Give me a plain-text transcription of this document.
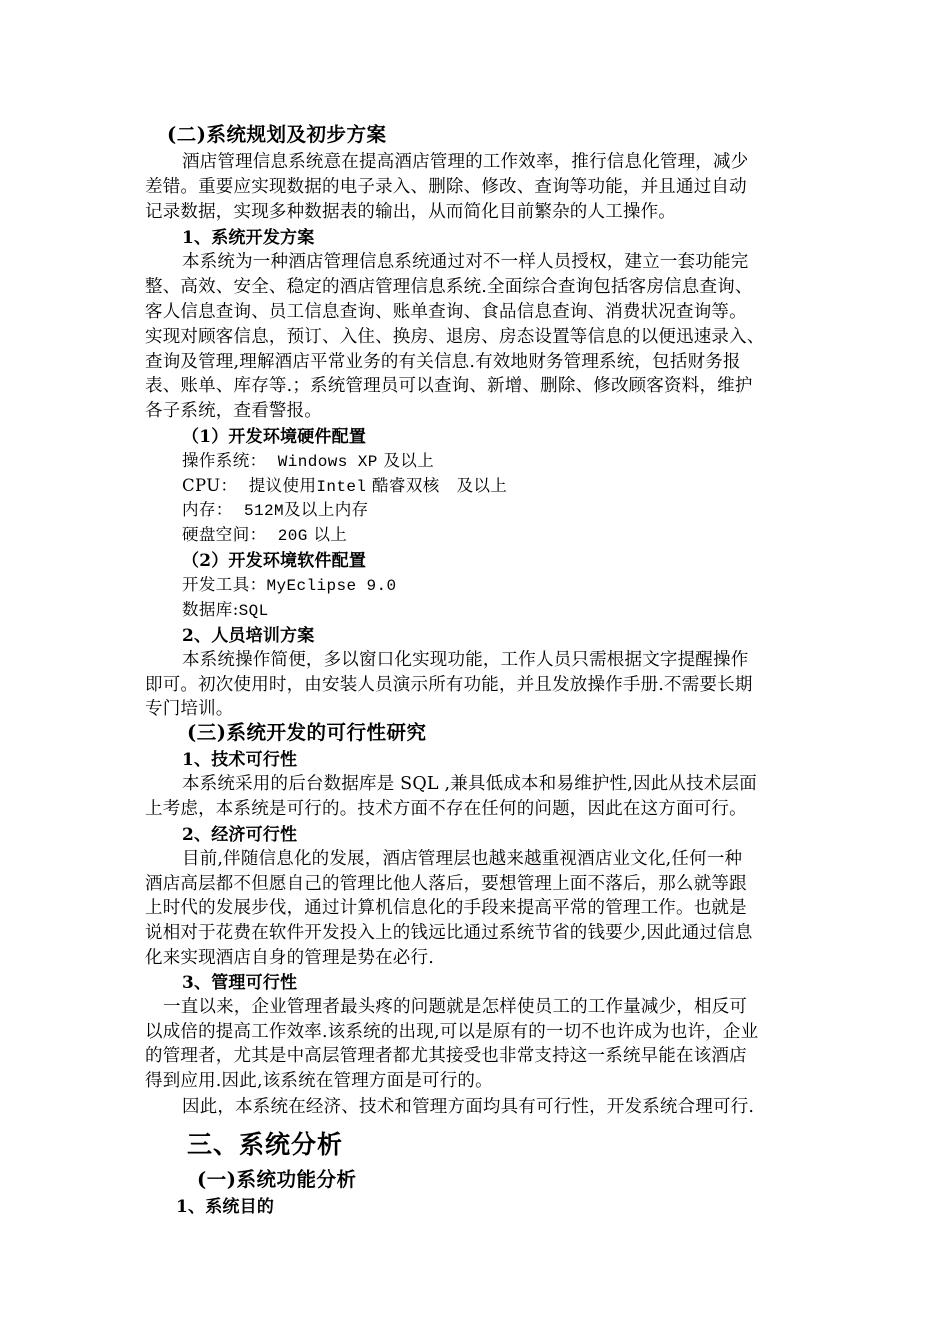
(二)系统规划及初步方案
酒店管理信息系统意在提高酒店管理的工作效率，推行信息化管理，减少
差错。重要应实现数据的电子录入、删除、修改、查询等功能，并且通过自动
记录数据，实现多种数据表的输出，从而简化目前繁杂的人工操作。
1、系统开发方案
本系统为一种酒店管理信息系统通过对不一样人员授权，建立一套功能完
整、高效、安全、稳定的酒店管理信息系统.全面综合查询包括客房信息查询、
客人信息查询、员工信息查询、账单查询、食品信息查询、消费状况查询等。
实现对顾客信息，预订、入住、换房、退房、房态设置等信息的以便迅速录入、
查询及管理,理解酒店平常业务的有关信息.有效地财务管理系统，包括财务报
表、账单、库存等.；系统管理员可以查询、新增、删除、修改顾客资料，维护
各子系统，查看警报。
（1）开发环境硬件配置
操作系统： Windows XP 及以上
CPU： 提议使用Intel 酷睿双核 及以上
内存： 512M及以上内存
硬盘空间： 20G 以上
（2）开发环境软件配置
开发工具：MyEclipse 9.0
数据库:SQL
2、人员培训方案
本系统操作简便，多以窗口化实现功能，工作人员只需根据文字提醒操作
即可。初次使用时，由安装人员演示所有功能，并且发放操作手册.不需要长期
专门培训。
(三)系统开发的可行性研究
1、技术可行性
本系统采用的后台数据库是 SQL ,兼具低成本和易维护性,因此从技术层面
上考虑，本系统是可行的。技术方面不存在任何的问题，因此在这方面可行。
2、经济可行性
目前,伴随信息化的发展，酒店管理层也越来越重视酒店业文化,任何一种
酒店高层都不但愿自己的管理比他人落后，要想管理上面不落后，那么就等跟
上时代的发展步伐，通过计算机信息化的手段来提高平常的管理工作。也就是
说相对于花费在软件开发投入上的钱远比通过系统节省的钱要少,因此通过信息
化来实现酒店自身的管理是势在必行.
3、管理可行性
一直以来，企业管理者最头疼的问题就是怎样使员工的工作量减少，相反可
以成倍的提高工作效率.该系统的出现,可以是原有的一切不也许成为也许，企业
的管理者，尤其是中高层管理者都尤其接受也非常支持这一系统早能在该酒店
得到应用.因此,该系统在管理方面是可行的。
因此，本系统在经济、技术和管理方面均具有可行性，开发系统合理可行.
三、系统分析
(一)系统功能分析
1、系统目的
